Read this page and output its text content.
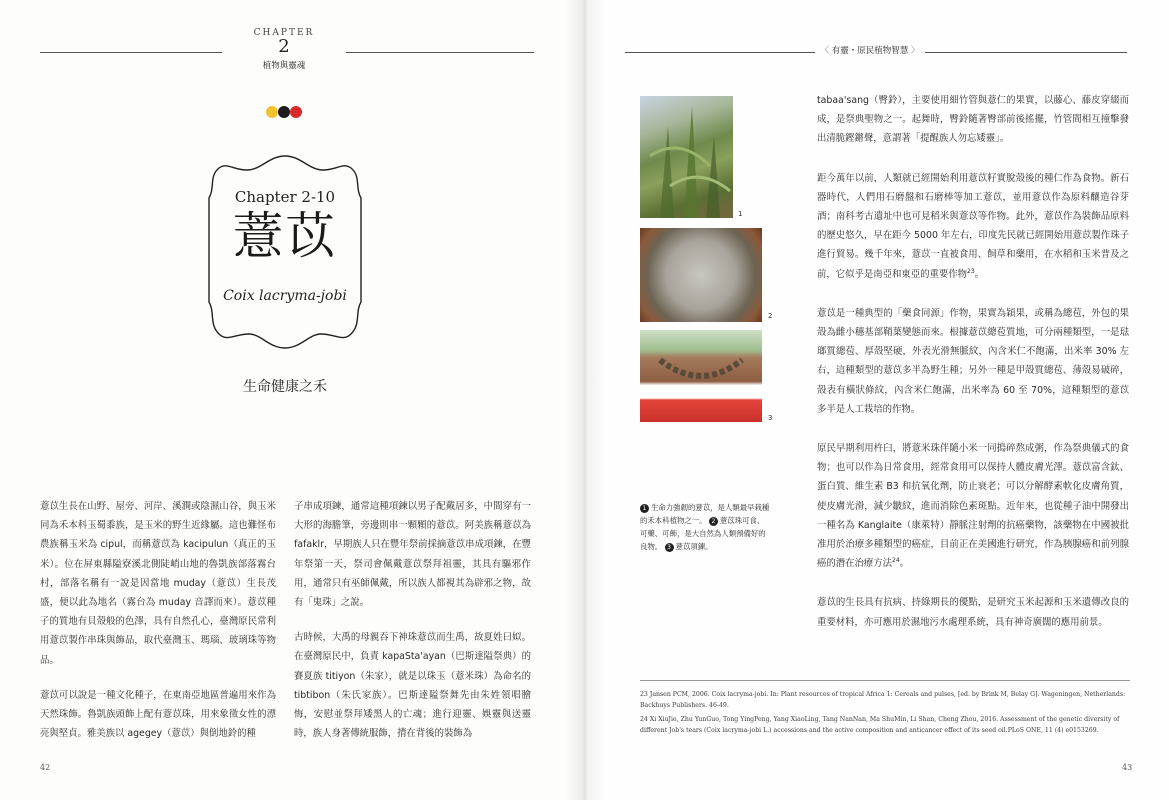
CHAPTER
2
植物與靈魂
Chapter 2-10
薏苡
Coix lacryma-jobi
生命健康之禾

薏苡生長在山野、屋旁、河岸、溪澗或陰濕山谷，與玉米同為禾本科玉蜀黍族，是玉米的野生近緣屬。這也難怪布農族稱玉米為 cipul，而稱薏苡為 kacipulun（真正的玉米）。位在屏東縣隘寮溪北側陡峭山地的魯凱族部落霧台村，部落名稱有一說是因當地 muday（薏苡）生長茂盛，便以此為地名（霧台為 muday 音譯而來）。薏苡種子的質地有貝殼般的色澤，具有自然孔心，臺灣原民常利用薏苡製作串珠與飾品，取代臺灣玉、瑪瑙、玻璃珠等物品。

薏苡可以說是一種文化種子，在東南亞地區普遍用來作為天然珠飾。魯凱族頭飾上配有薏苡珠，用來象徵女性的漂亮與堅貞。雅美族以 agegey（薏苡）與倒地鈴的種

子串成項鍊，通常這種項鍊以男子配戴居多，中間穿有一大形的海膽筆，旁邊則串一顆顆的薏苡。阿美族稱薏苡為 fafaklr，早期族人只在豐年祭前採摘薏苡串成項鍊，在豐年祭第一天，祭司會佩戴薏苡祭拜祖靈，其具有驅邪作用，通常只有巫師佩戴，所以族人都視其為辟邪之物，故有「鬼珠」之說。

古時候，大禹的母親吞下神珠薏苡而生禹，故夏姓曰姒。在臺灣原民中，負責 kapaSta'ayan（巴斯達隘祭典）的賽夏族 titiyon（朱家），就是以珠玉（薏米珠）為命名的 tibtibon（朱氏家族）。巴斯達隘祭舞先由朱姓領唱膾悔，安慰並祭拜矮黑人的亡魂；進行迎靈、娛靈與送靈時，族人身著傳統服飾，揹在背後的裝飾為

42
〈 有靈・原民植物智慧 〉
1
2
3
1 生命力強韌的薏苡，是人類最早栽種的禾本科植物之一。 2 薏苡珠可食、可藥、可飾，是大自然為人類預備好的良物。 3 薏苡項鍊。

tabaa'sang（臀鈴），主要使用細竹管與薏仁的果實，以藤心、藤皮穿綴而成，是祭典聖物之一。起舞時，臀鈴隨著臀部前後搖擺，竹管間相互撞擊發出清脆鏗鏘聲，意謂著「提醒族人勿忘矮靈」。

距今萬年以前，人類就已經開始利用薏苡籽實脫殼後的種仁作為食物。新石器時代，人們用石磨盤和石磨棒等加工薏苡，並用薏苡作為原料釀造谷芽酒；南科考古遺址中也可見稻米與薏苡等作物。此外，薏苡作為裝飾品原料的歷史悠久，早在距今 5000 年左右，印度先民就已經開始用薏苡製作珠子進行貿易。幾千年來，薏苡一直被食用、飼草和藥用，在水稻和玉米普及之前，它似乎是南亞和東亞的重要作物$^{23}$。

薏苡是一種典型的「藥食同源」作物，果實為穎果，或稱為總苞，外包的果殼為雌小穗基部鞘葉變態而來。根據薏苡總苞質地，可分兩種類型，一是琺瑯質總苞、厚殼堅硬，外表光滑無脈紋，內含米仁不飽滿，出米率 30% 左右，這種類型的薏苡多半為野生種；另外一種是甲殼質總苞、薄殼易破碎，殼表有橫狀條紋，內含米仁飽滿，出米率為 60 至 70%，這種類型的薏苡多半是人工栽培的作物。

原民早期利用杵臼，將薏米珠伴隨小米一同搗碎熬成粥，作為祭典儀式的食物；也可以作為日常食用，經常食用可以保持人體皮膚光澤。薏苡富含鈦、蛋白質、維生素 B3 和抗氧化劑，防止衰老；可以分解酵素軟化皮膚角質，使皮膚光滑，減少皺紋，進而消除色素斑點。近年來，也從種子油中開發出一種名為 Kanglaite（康萊特）靜脈注射劑的抗癌藥物，該藥物在中國被批准用於治療多種類型的癌症，目前正在美國進行研究，作為胰腺癌和前列腺癌的潛在治療方法$^{24}$。

薏苡的生長具有抗病、持綠期長的優點，是研究玉米起源和玉米遺傳改良的重要材料，亦可應用於濕地污水處理系統，具有神奇廣闊的應用前景。

23 Jansen PCM, 2006. Coix lacryma-jobi. In: Plant resources of tropical Africa 1: Cereals and pulses, [ed. by Brink M, Belay G]. Wageningen, Netherlands: Backhuys Publishers. 46-49.

24 Xi XiuJie, Zhu YunGuo, Tong YingPeng, Yang XiaoLing, Tang NanNan, Ma ShuMin, Li Shan, Cheng Zhou, 2016. Assessment of the genetic diversity of different Job's tears (Coix lacryma-jobi L.) accessions and the active composition and anticancer effect of its seed oil.PLoS ONE, 11 (4) e0153269.

43
